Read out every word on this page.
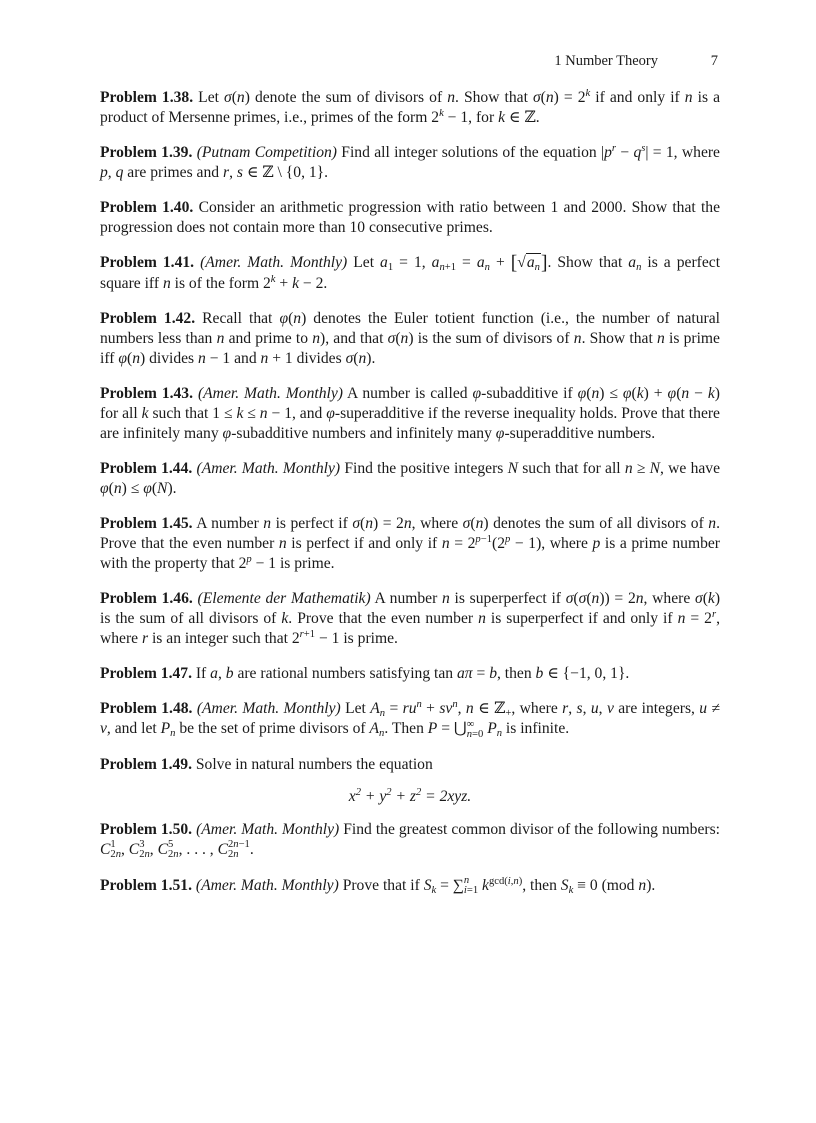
1 Number Theory	7

Problem 1.38. Let σ(n) denote the sum of divisors of n. Show that $\sigma(n) = 2^k$ if and only if n is a product of Mersenne primes, i.e., primes of the form $2^k - 1$, for k ∈ ℤ.

Problem 1.39. (Putnam Competition) Find all integer solutions of the equation $|p^r - q^s| = 1$, where p, q are primes and r, s ∈ ℤ \ {0, 1}.

Problem 1.40. Consider an arithmetic progression with ratio between 1 and 2000. Show that the progression does not contain more than 10 consecutive primes.

Problem 1.41. (Amer. Math. Monthly) Let $a_1 = 1$, $a_{n+1} = a_n + [√a_n]$. Show that $a_n$ is a perfect square iff n is of the form $2^k + k - 2$.

Problem 1.42. Recall that φ(n) denotes the Euler totient function (i.e., the number of natural numbers less than n and prime to n), and that σ(n) is the sum of divisors of n. Show that n is prime iff φ(n) divides n − 1 and n + 1 divides σ(n).

Problem 1.43. (Amer. Math. Monthly) A number is called φ-subadditive if φ(n) ≤ φ(k) + φ(n − k) for all k such that 1 ≤ k ≤ n − 1, and φ-superadditive if the reverse inequality holds. Prove that there are infinitely many φ-subadditive numbers and infinitely many φ-superadditive numbers.

Problem 1.44. (Amer. Math. Monthly) Find the positive integers N such that for all n ≥ N, we have φ(n) ≤ φ(N).

Problem 1.45. A number n is perfect if σ(n) = 2n, where σ(n) denotes the sum of all divisors of n. Prove that the even number n is perfect if and only if $n = 2^{p-1}(2^p - 1)$, where p is a prime number with the property that $2^p - 1$ is prime.

Problem 1.46. (Elemente der Mathematik) A number n is superperfect if σ(σ(n)) = 2n, where σ(k) is the sum of all divisors of k. Prove that the even number n is superperfect if and only if $n = 2^r$, where r is an integer such that $2^{r+1} - 1$ is prime.

Problem 1.47. If a, b are rational numbers satisfying tan aπ = b, then b ∈ {−1, 0, 1}.

Problem 1.48. (Amer. Math. Monthly) Let $A_n = ru^n + sv^n$, n ∈ ℤ$_+$, where r, s, u, v are integers, u ≠ v, and let $P_n$ be the set of prime divisors of $A_n$. Then P = ⋃ ∞
n=0 $P_n$ is infinite.

Problem 1.49. Solve in natural numbers the equation

$x^2 + y^2 + z^2 = 2xyz$.

Problem 1.50. (Amer. Math. Monthly) Find the greatest common divisor of the following numbers: C 1
2n , C 3
2n , C 5
2n , . . . , C 2n−1
2n .

Problem 1.51. (Amer. Math. Monthly) Prove that if $S_k$ = ∑ n
i=1 $k^{gcd(i,n)}$, then $S_k \equiv 0$ (mod n).
